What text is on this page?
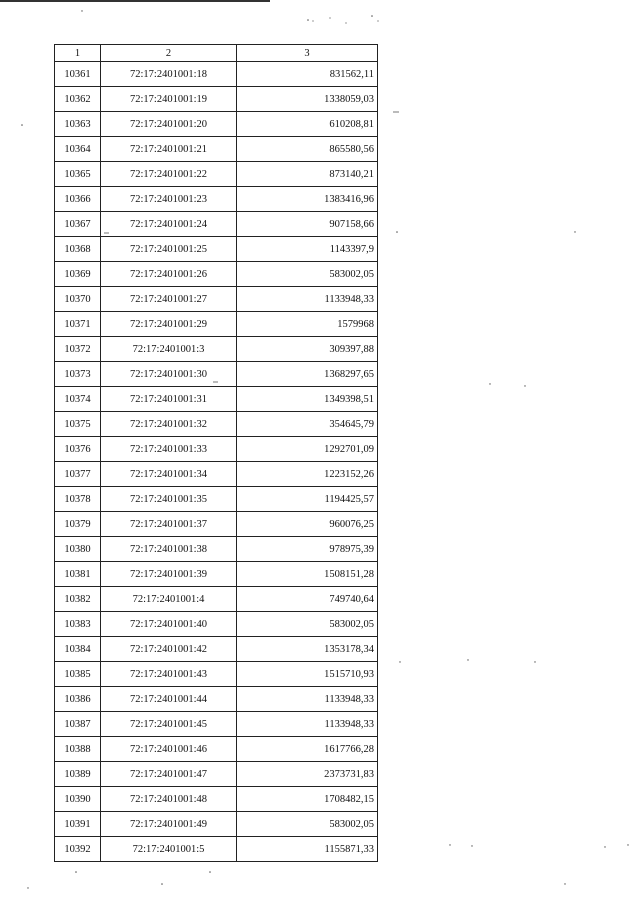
1	2	3
10361	72:17:2401001:18	831562,11
10362	72:17:2401001:19	1338059,03
10363	72:17:2401001:20	610208,81
10364	72:17:2401001:21	865580,56
10365	72:17:2401001:22	873140,21
10366	72:17:2401001:23	1383416,96
10367	72:17:2401001:24	907158,66
10368	72:17:2401001:25	1143397,9
10369	72:17:2401001:26	583002,05
10370	72:17:2401001:27	1133948,33
10371	72:17:2401001:29	1579968
10372	72:17:2401001:3	309397,88
10373	72:17:2401001:30	1368297,65
10374	72:17:2401001:31	1349398,51
10375	72:17:2401001:32	354645,79
10376	72:17:2401001:33	1292701,09
10377	72:17:2401001:34	1223152,26
10378	72:17:2401001:35	1194425,57
10379	72:17:2401001:37	960076,25
10380	72:17:2401001:38	978975,39
10381	72:17:2401001:39	1508151,28
10382	72:17:2401001:4	749740,64
10383	72:17:2401001:40	583002,05
10384	72:17:2401001:42	1353178,34
10385	72:17:2401001:43	1515710,93
10386	72:17:2401001:44	1133948,33
10387	72:17:2401001:45	1133948,33
10388	72:17:2401001:46	1617766,28
10389	72:17:2401001:47	2373731,83
10390	72:17:2401001:48	1708482,15
10391	72:17:2401001:49	583002,05
10392	72:17:2401001:5	1155871,33
